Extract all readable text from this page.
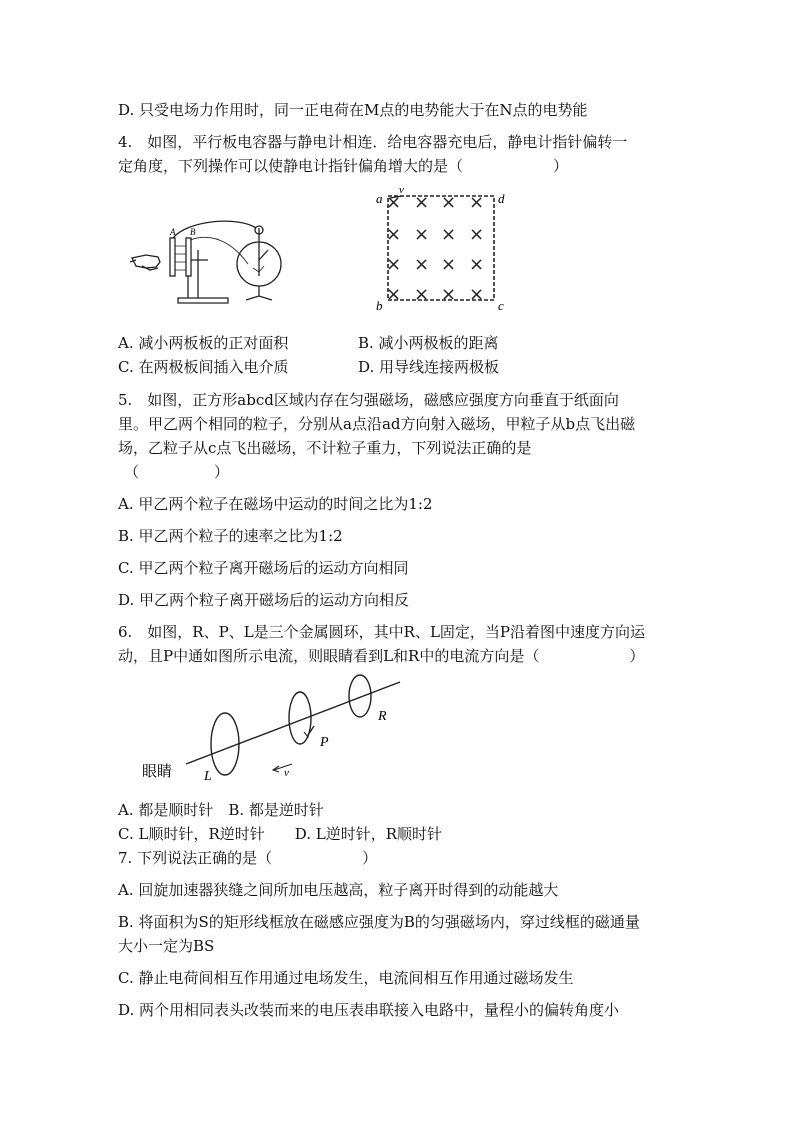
D. 只受电场力作用时，同一正电荷在M点的电势能大于在N点的电势能
4.　如图，平行板电容器与静电计相连．给电容器充电后，静电计指针偏转一
定角度，下列操作可以使静电计指针偏角增大的是（　　　　　　）
A B
a	d
b	c
v
× × × ×
× × × ×
× × × ×
× × × ×
A. 减小两板板的正对面积	B. 减小两极板的距离
C. 在两极板间插入电介质	D. 用导线连接两极板
5.　如图，正方形abcd区域内存在匀强磁场，磁感应强度方向垂直于纸面向
里。甲乙两个相同的粒子，分别从a点沿ad方向射入磁场，甲粒子从b点飞出磁
场，乙粒子从c点飞出磁场，不计粒子重力，下列说法正确的是
（　　　　　）
A. 甲乙两个粒子在磁场中运动的时间之比为1:2
B. 甲乙两个粒子的速率之比为1:2
C. 甲乙两个粒子离开磁场后的运动方向相同
D. 甲乙两个粒子离开磁场后的运动方向相反
6.　如图，R、P、L是三个金属圆环，其中R、L固定，当P沿着图中速度方向运
动，且P中通如图所示电流，则眼睛看到L和R中的电流方向是（　　　　　　）
眼睛 L
P
R
v
A. 都是顺时针　B. 都是逆时针
C. L顺时针，R逆时针　　D. L逆时针，R顺时针
7. 下列说法正确的是（　　　　　　）
A. 回旋加速器狭缝之间所加电压越高，粒子离开时得到的动能越大
B. 将面积为S的矩形线框放在磁感应强度为B的匀强磁场内，穿过线框的磁通量
大小一定为BS
C. 静止电荷间相互作用通过电场发生，电流间相互作用通过磁场发生
D. 两个用相同表头改装而来的电压表串联接入电路中，量程小的偏转角度小
